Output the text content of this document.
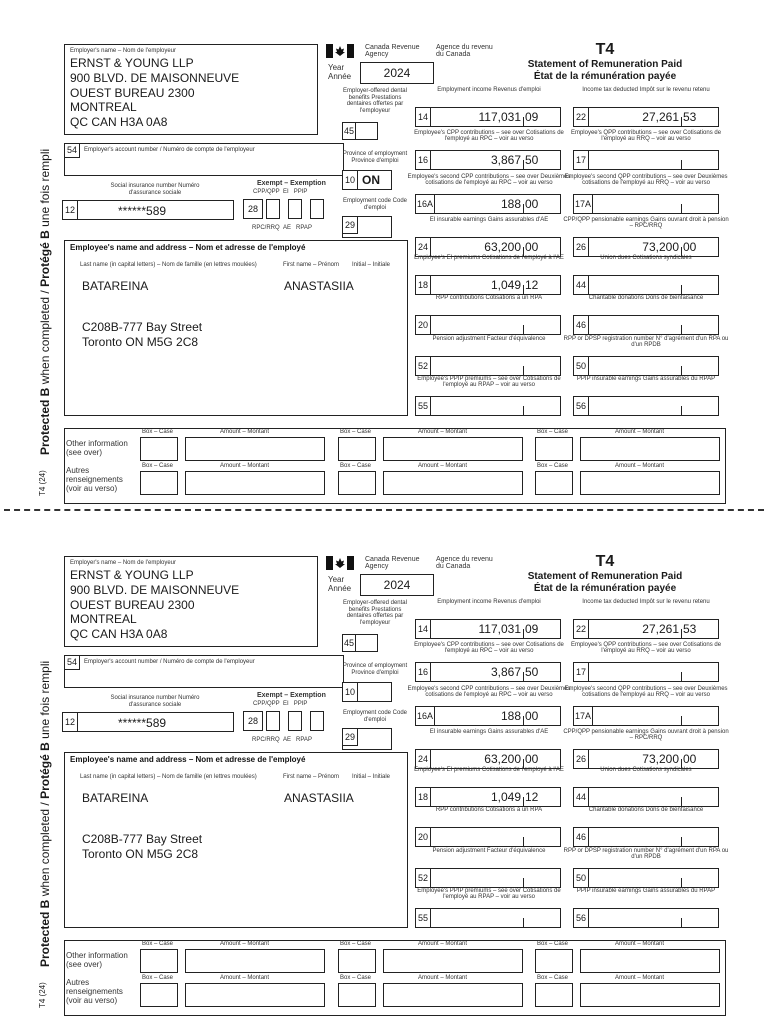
Protected B when completed / Protégé B une fois rempli
T4 (24)
Employer's name – Nom de l'employeur
ERNST & YOUNG LLP
900 BLVD. DE MAISONNEUVE
OUEST BUREAU 2300
MONTREAL
QC CAN H3A 0A8
Canada Revenue Agency
Agence du revenu du Canada
Year Année	2024
T4
Statement of Remuneration Paid
État de la rémunération payée
54	Employer's account number / Numéro de compte de l'employeur
Social insurance number Numéro d'assurance sociale
12	******589
Exempt – Exemption
CPP/QPP EI PPIP
28
RPC/RRQ AE RPAP
Employee's name and address – Nom et adresse de l'employé
Last name (in capital letters) – Nom de famille (en lettres moulées)	First name – Prénom Initial – Initiale
BATAREINA	ANASTASIIA
C208B-777 Bay Street
Toronto ON M5G 2C8
Employer-offered dental benefits Prestations dentaires offertes par l'employeur
45
Province of employment Province d'emploi
10 ON
Employment code Code d'emploi
29
Employment income Revenus d'emploi
14	117,031 09
Income tax deducted Impôt sur le revenu retenu
22	27,261 53
Employee's CPP contributions – see over Cotisations de l'employé au RPC – voir au verso
16	3,867 50
Employee's QPP contributions – see over Cotisations de l'employé au RRQ – voir au verso
17
Employee's second CPP contributions – see over Deuxièmes cotisations de l'employé au RPC – voir au verso
16A	188 00
Employee's second QPP contributions – see over Deuxièmes cotisations de l'employé au RRQ – voir au verso
17A
EI insurable earnings Gains assurables d'AE
24	63,200 00
CPP/QPP pensionable earnings Gains ouvrant droit à pension – RPC/RRQ
26	73,200 00
Employee's EI premiums Cotisations de l'employé à l'AE
18	1,049 12
Union dues Cotisations syndicales
44
RPP contributions Cotisations à un RPA
20
Charitable donations Dons de bienfaisance
46
Pension adjustment Facteur d'équivalence
52
RPP or DPSP registration number N° d'agrément d'un RPA ou d'un RPDB
50
Employee's PPIP premiums – see over Cotisations de l'employé au RPAP – voir au verso
55
PPIP insurable earnings Gains assurables du RPAP
56
Other information (see over)
Autres renseignements (voir au verso)
Box – Case	Amount – Montant	Box – Case	Amount – Montant	Box – Case	Amount – Montant
Box – Case	Amount – Montant	Box – Case	Amount – Montant	Box – Case	Amount – Montant
Protected B when completed / Protégé B une fois rempli
T4 (24)
Employer's name – Nom de l'employeur
ERNST & YOUNG LLP
900 BLVD. DE MAISONNEUVE
OUEST BUREAU 2300
MONTREAL
QC CAN H3A 0A8
Canada Revenue Agency
Agence du revenu du Canada
Year Année	2024
T4
Statement of Remuneration Paid
État de la rémunération payée
54	Employer's account number / Numéro de compte de l'employeur
Social insurance number Numéro d'assurance sociale
12	******589
Exempt – Exemption
CPP/QPP EI PPIP
28
RPC/RRQ AE RPAP
Employee's name and address – Nom et adresse de l'employé
Last name (in capital letters) – Nom de famille (en lettres moulées)	First name – Prénom Initial – Initiale
BATAREINA	ANASTASIIA
C208B-777 Bay Street
Toronto ON M5G 2C8
Employer-offered dental benefits Prestations dentaires offertes par l'employeur
45
Province of employment Province d'emploi
10
Employment code Code d'emploi
29
Employment income Revenus d'emploi
14	117,031 09
Income tax deducted Impôt sur le revenu retenu
22	27,261 53
Employee's CPP contributions – see over Cotisations de l'employé au RPC – voir au verso
16	3,867 50
Employee's QPP contributions – see over Cotisations de l'employé au RRQ – voir au verso
17
Employee's second CPP contributions – see over Deuxièmes cotisations de l'employé au RPC – voir au verso
16A	188 00
Employee's second QPP contributions – see over Deuxièmes cotisations de l'employé au RRQ – voir au verso
17A
EI insurable earnings Gains assurables d'AE
24	63,200 00
CPP/QPP pensionable earnings Gains ouvrant droit à pension – RPC/RRQ
26	73,200 00
Employee's EI premiums Cotisations de l'employé à l'AE
18	1,049 12
Union dues Cotisations syndicales
44
RPP contributions Cotisations à un RPA
20
Charitable donations Dons de bienfaisance
46
Pension adjustment Facteur d'équivalence
52
RPP or DPSP registration number N° d'agrément d'un RPA ou d'un RPDB
50
Employee's PPIP premiums – see over Cotisations de l'employé au RPAP – voir au verso
55
PPIP insurable earnings Gains assurables du RPAP
56
Other information (see over)
Autres renseignements (voir au verso)
Box – Case	Amount – Montant	Box – Case	Amount – Montant	Box – Case	Amount – Montant
Box – Case	Amount – Montant	Box – Case	Amount – Montant	Box – Case	Amount – Montant
